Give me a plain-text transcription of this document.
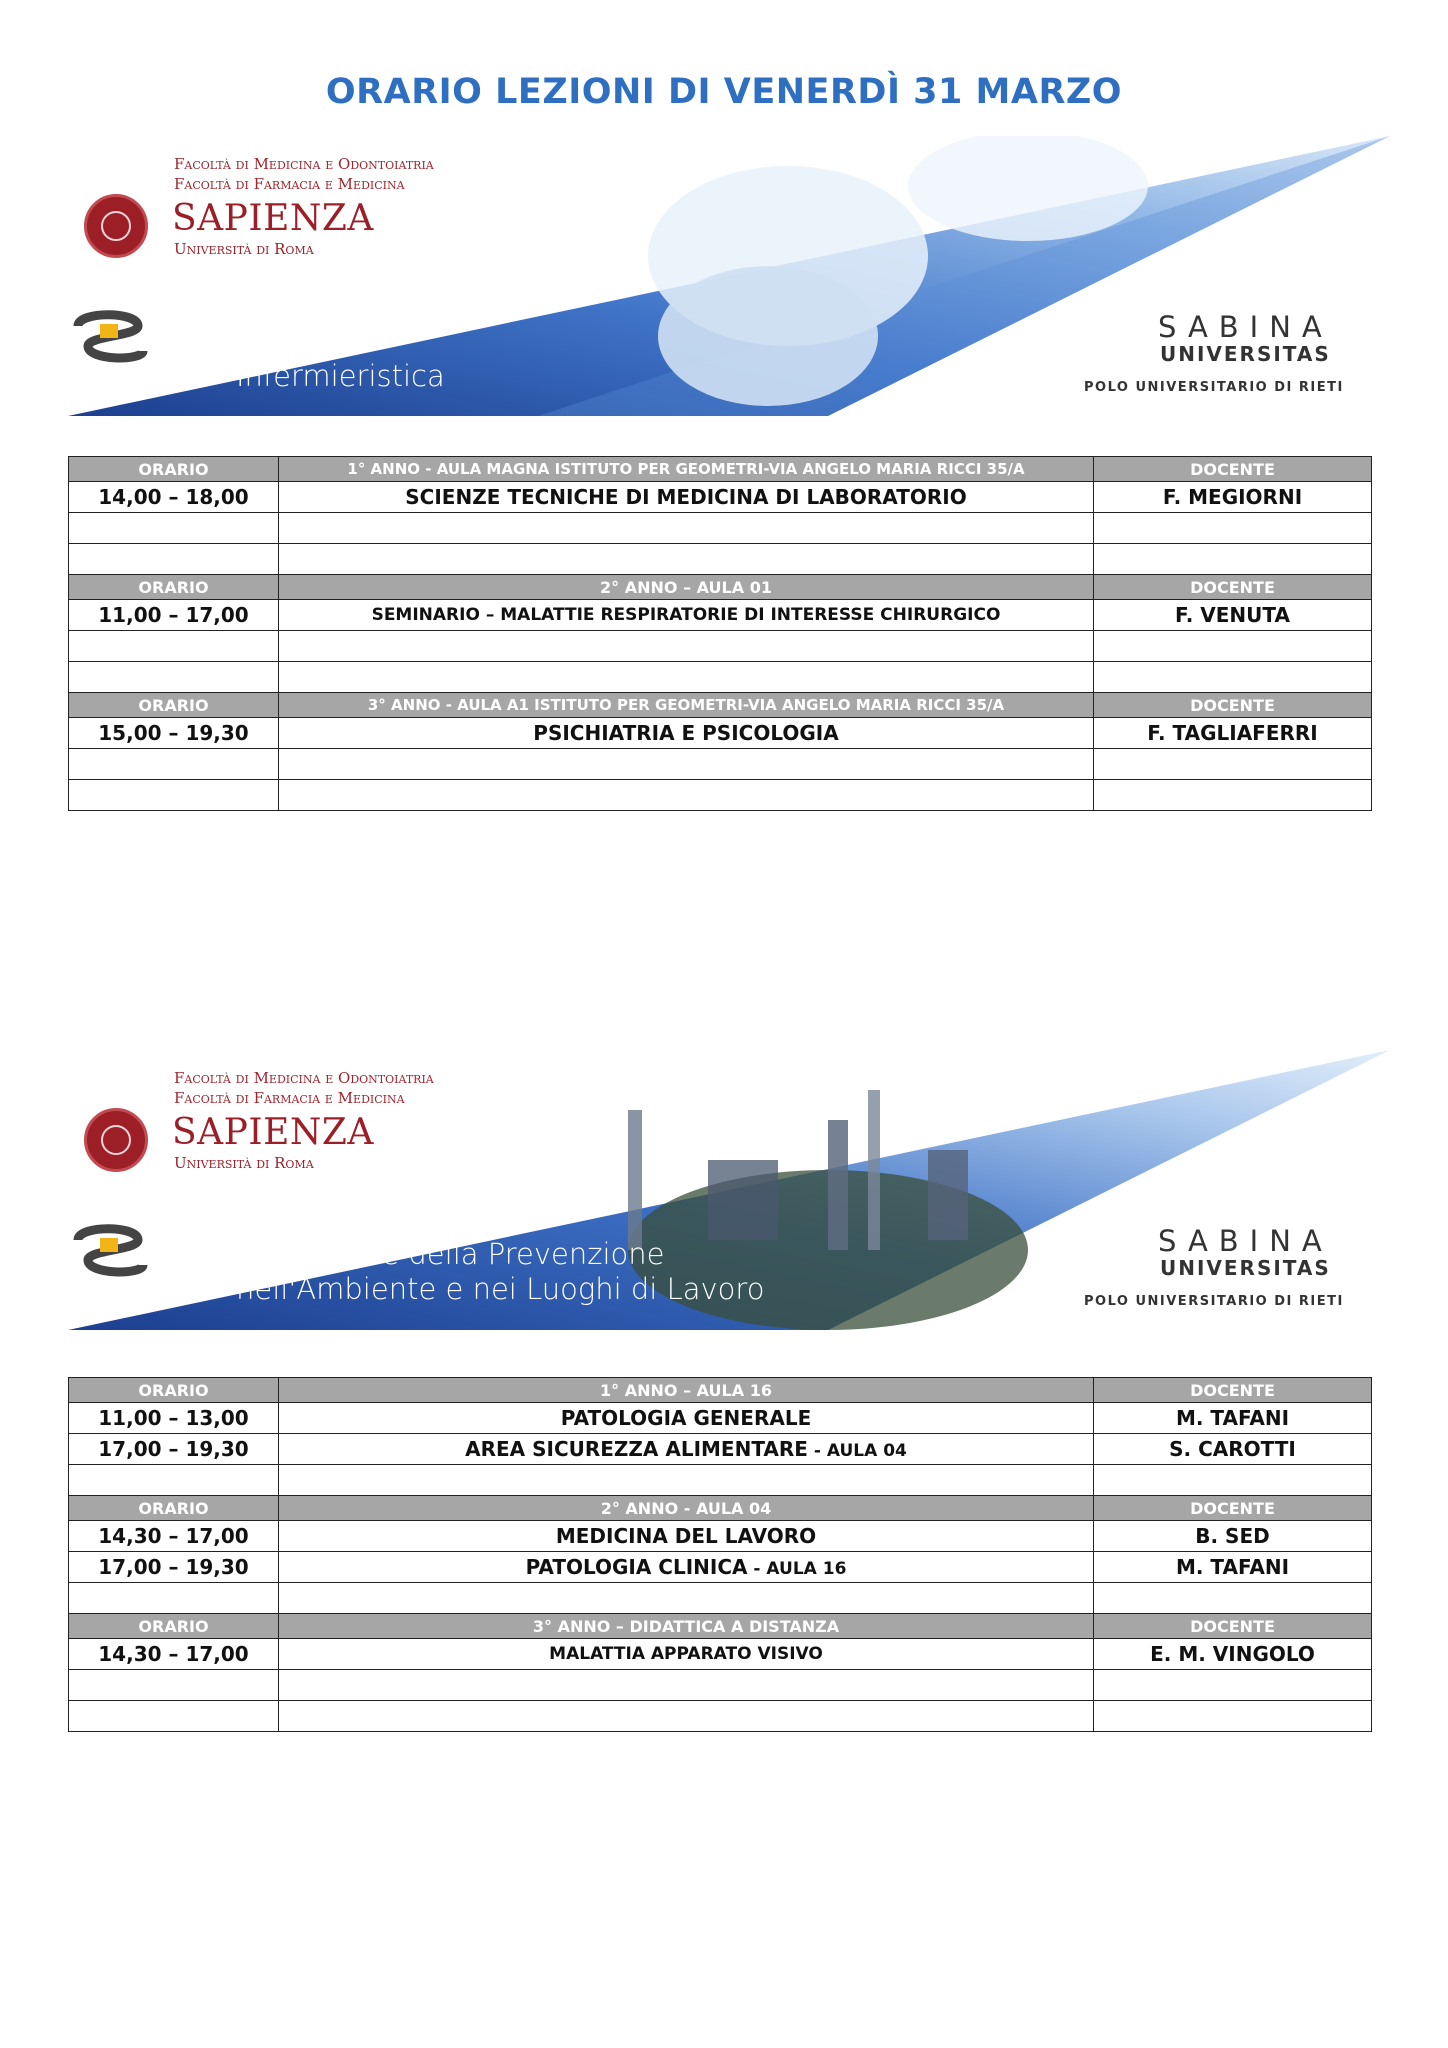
ORARIO LEZIONI DI VENERDÌ 31 MARZO
Facoltà di Medicina e Odontoiatria
Facoltà di Farmacia e Medicina
SAPIENZA
Università di Roma
Infermieristica
SABINA
UNIVERSITAS
POLO UNIVERSITARIO DI RIETI
ORARIO	1° ANNO - AULA MAGNA ISTITUTO PER GEOMETRI-VIA ANGELO MARIA RICCI 35/A	DOCENTE
14,00 – 18,00	SCIENZE TECNICHE DI MEDICINA DI LABORATORIO	F. MEGIORNI

ORARIO	2° ANNO – AULA 01	DOCENTE
11,00 – 17,00	SEMINARIO – MALATTIE RESPIRATORIE DI INTERESSE CHIRURGICO	F. VENUTA

ORARIO	3° ANNO - AULA A1 ISTITUTO PER GEOMETRI-VIA ANGELO MARIA RICCI 35/A	DOCENTE
15,00 – 19,30	PSICHIATRIA E PSICOLOGIA	F. TAGLIAFERRI

Facoltà di Medicina e Odontoiatria
Facoltà di Farmacia e Medicina
SAPIENZA
Università di Roma
Tecniche della Prevenzione
nell'Ambiente e nei Luoghi di Lavoro
SABINA
UNIVERSITAS
POLO UNIVERSITARIO DI RIETI
ORARIO	1° ANNO – AULA 16	DOCENTE
11,00 – 13,00	PATOLOGIA GENERALE	M. TAFANI
17,00 – 19,30	AREA SICUREZZA ALIMENTARE - AULA 04	S. CAROTTI

ORARIO	2° ANNO - AULA 04	DOCENTE
14,30 – 17,00	MEDICINA DEL LAVORO	B. SED
17,00 – 19,30	PATOLOGIA CLINICA - AULA 16	M. TAFANI

ORARIO	3° ANNO – DIDATTICA A DISTANZA	DOCENTE
14,30 – 17,00	MALATTIA APPARATO VISIVO	E. M. VINGOLO
